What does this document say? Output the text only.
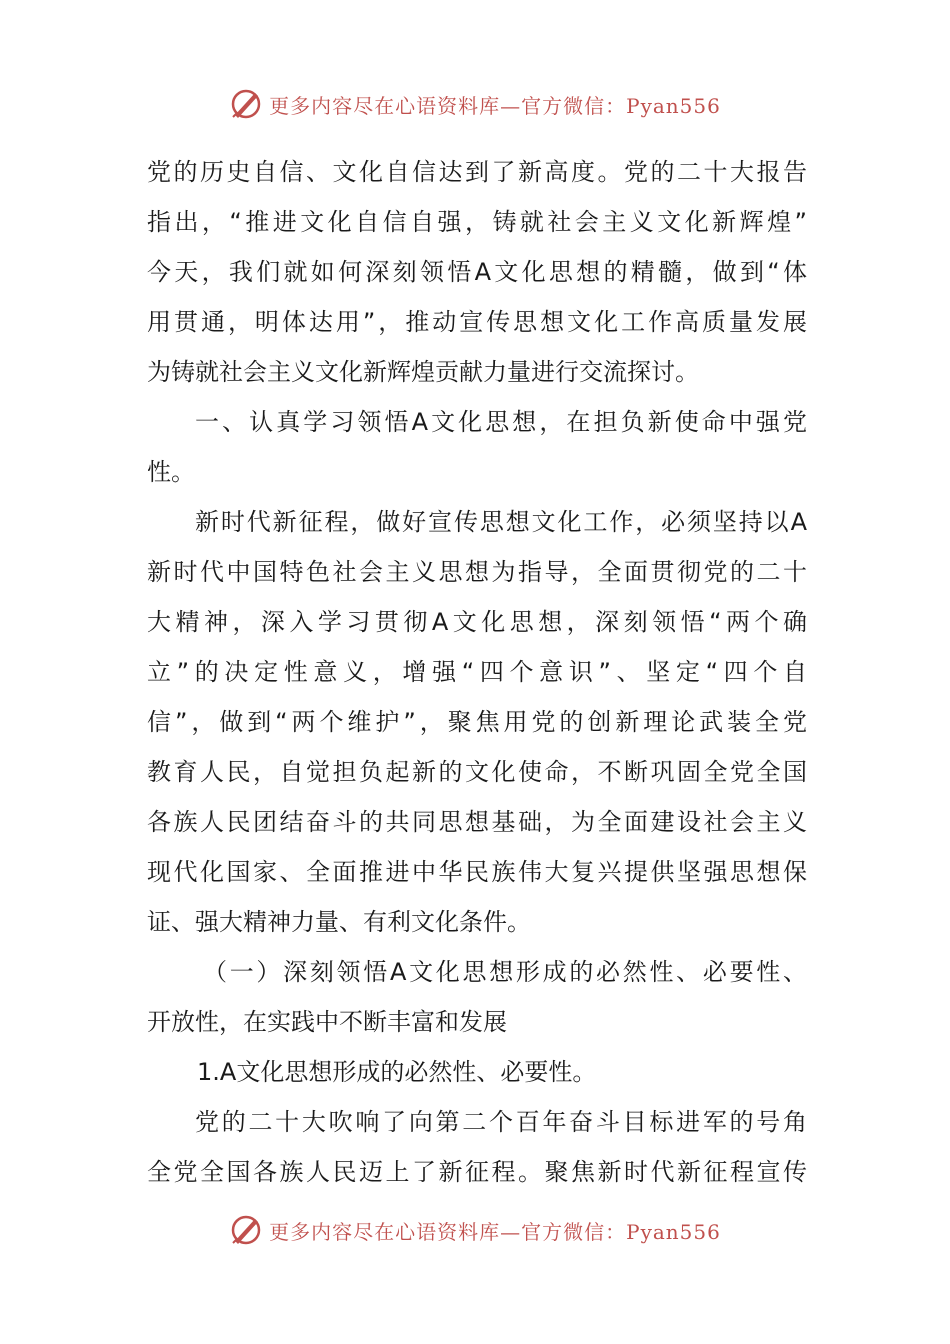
更多内容尽在心语资料库—官方微信：Pyan556
党的历史自信、文化自信达到了新高度。党的二十大报告
指出，“推进文化自信自强，铸就社会主义文化新辉煌”
今天，我们就如何深刻领悟A文化思想的精髓，做到“体
用贯通，明体达用”，推动宣传思想文化工作高质量发展
为铸就社会主义文化新辉煌贡献力量进行交流探讨。
一、认真学习领悟A文化思想，在担负新使命中强党
性。
新时代新征程，做好宣传思想文化工作，必须坚持以A
新时代中国特色社会主义思想为指导，全面贯彻党的二十
大精神，深入学习贯彻A文化思想，深刻领悟“两个确
立”的决定性意义，增强“四个意识”、坚定“四个自
信”，做到“两个维护”，聚焦用党的创新理论武装全党
教育人民，自觉担负起新的文化使命，不断巩固全党全国
各族人民团结奋斗的共同思想基础，为全面建设社会主义
现代化国家、全面推进中华民族伟大复兴提供坚强思想保
证、强大精神力量、有利文化条件。
（一）深刻领悟A文化思想形成的必然性、必要性、
开放性，在实践中不断丰富和发展
1.A文化思想形成的必然性、必要性。
党的二十大吹响了向第二个百年奋斗目标进军的号角
全党全国各族人民迈上了新征程。聚焦新时代新征程宣传
更多内容尽在心语资料库—官方微信：Pyan556
